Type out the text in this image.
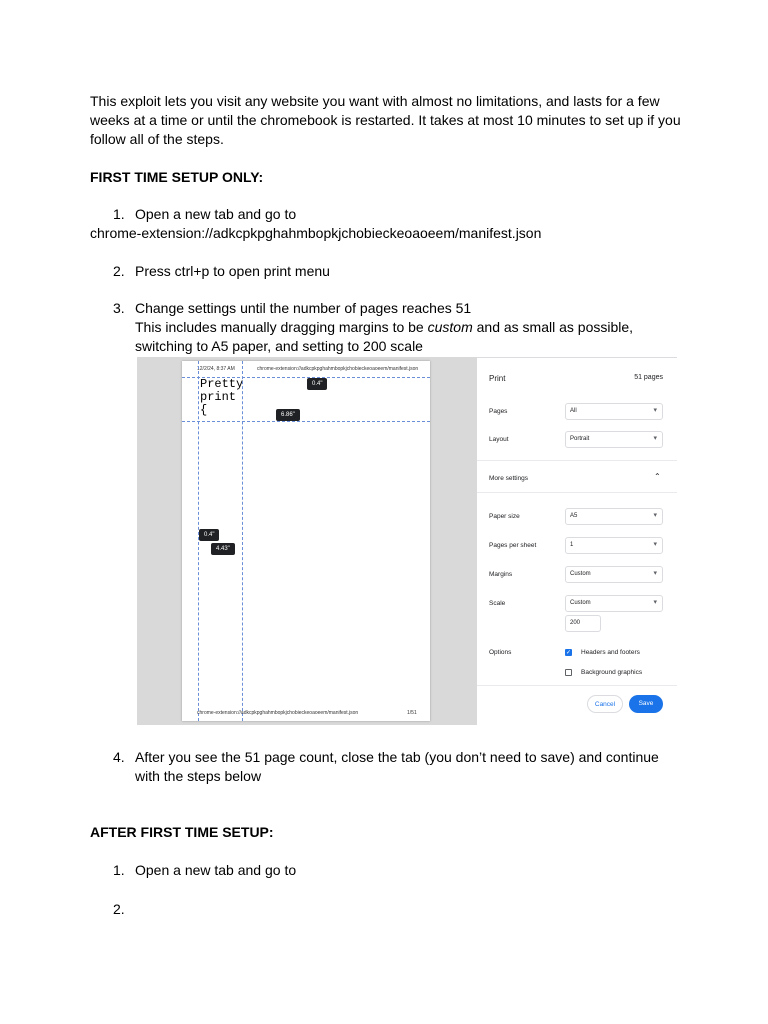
This exploit lets you visit any website you want with almost no limitations, and lasts for a few weeks at a time or until the chromebook is restarted. It takes at most 10 minutes to set up if you follow all of the steps.

FIRST TIME SETUP ONLY:

1. Open a new tab and go to
chrome-extension://adkcpkpghahmbopkjchobieckeoaoeem/manifest.json
2. Press ctrl+p to open print menu
3. Change settings until the number of pages reaches 51
This includes manually dragging margins to be custom and as small as possible,
switching to A5 paper, and setting to 200 scale
12/2/24, 8:37 AM	chrome-extension://adkcpkpghahmbopkjchobieckeoaoeem/manifest.json
Pretty
print
{
0.4"
6.86"
0.4"
4.43"
chrome-extension://adkcpkpghahmbopkjchobieckeoaoeem/manifest.json	1/51
Print	51 pages
Pages	All	▾
Layout	Portrait	▾
More settings	⌃
Paper size	A5	▾
Pages per sheet	1	▾
Margins	Custom	▾
Scale	Custom	▾
200
Options	✓ Headers and footers
Background graphics
Cancel	Save
4. After you see the 51 page count, close the tab (you don’t need to save) and continue
with the steps below

AFTER FIRST TIME SETUP:

1. Open a new tab and go to
2.
